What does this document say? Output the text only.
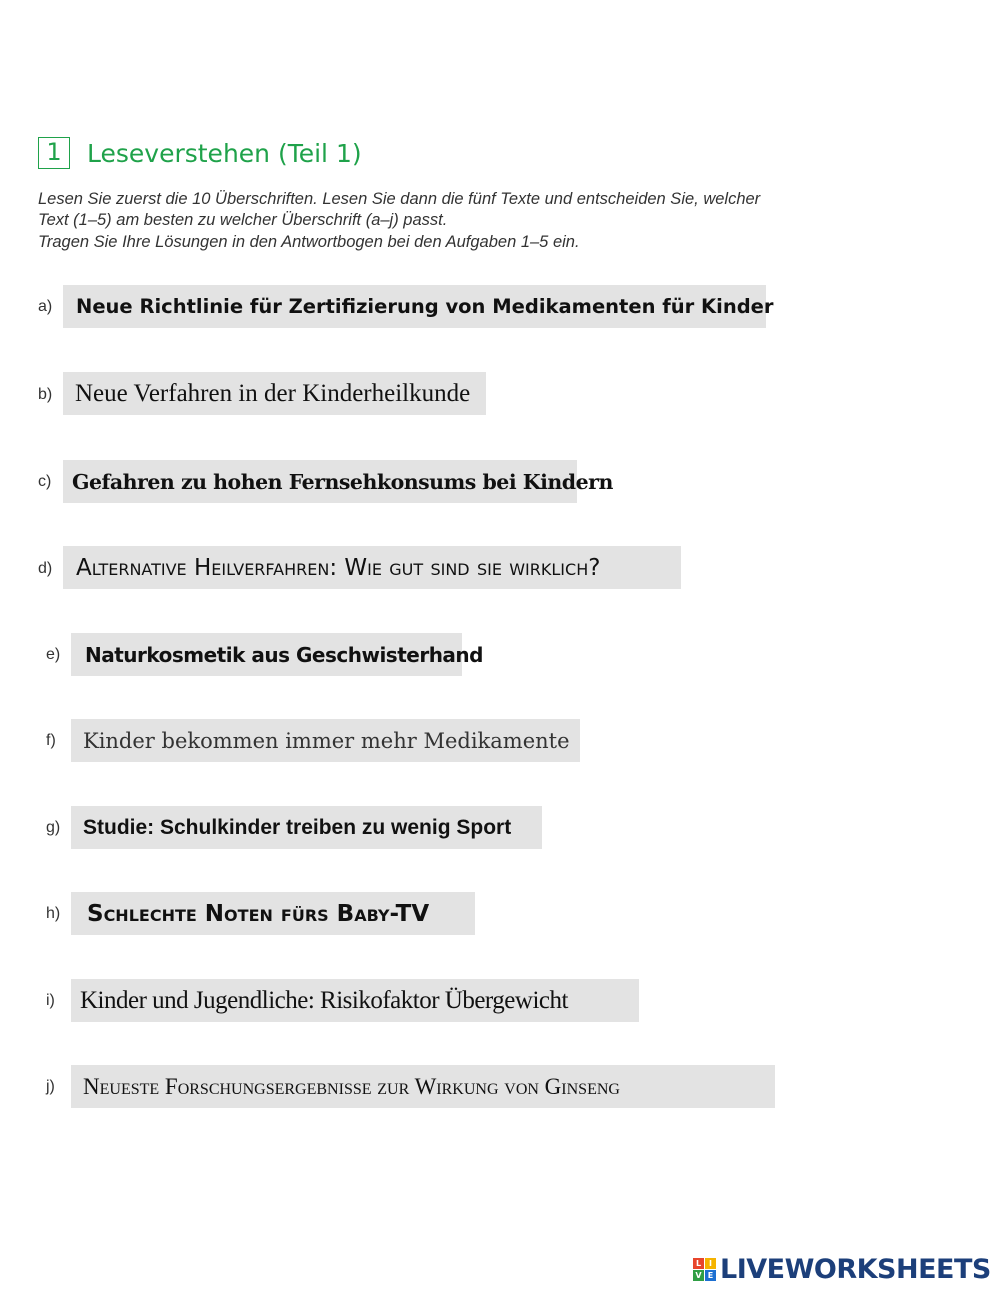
1	Leseverstehen (Teil 1)
Lesen Sie zuerst die 10 Überschriften. Lesen Sie dann die fünf Texte und entscheiden Sie, welcher
Text (1–5) am besten zu welcher Überschrift (a–j) passt.
Tragen Sie Ihre Lösungen in den Antwortbogen bei den Aufgaben 1–5 ein.
a) Neue Richtlinie für Zertifizierung von Medikamenten für Kinder
b) Neue Verfahren in der Kinderheilkunde
c) Gefahren zu hohen Fernsehkonsums bei Kindern
d) Alternative Heilverfahren: Wie gut sind sie wirklich?
e) Naturkosmetik aus Geschwisterhand
f) Kinder bekommen immer mehr Medikamente
g) Studie: Schulkinder treiben zu wenig Sport
h) Schlechte Noten fürs Baby-TV
i) Kinder und Jugendliche: Risikofaktor Übergewicht
j) Neueste Forschungsergebnisse zur Wirkung von Ginseng
L I
V E LIVEWORKSHEETS
